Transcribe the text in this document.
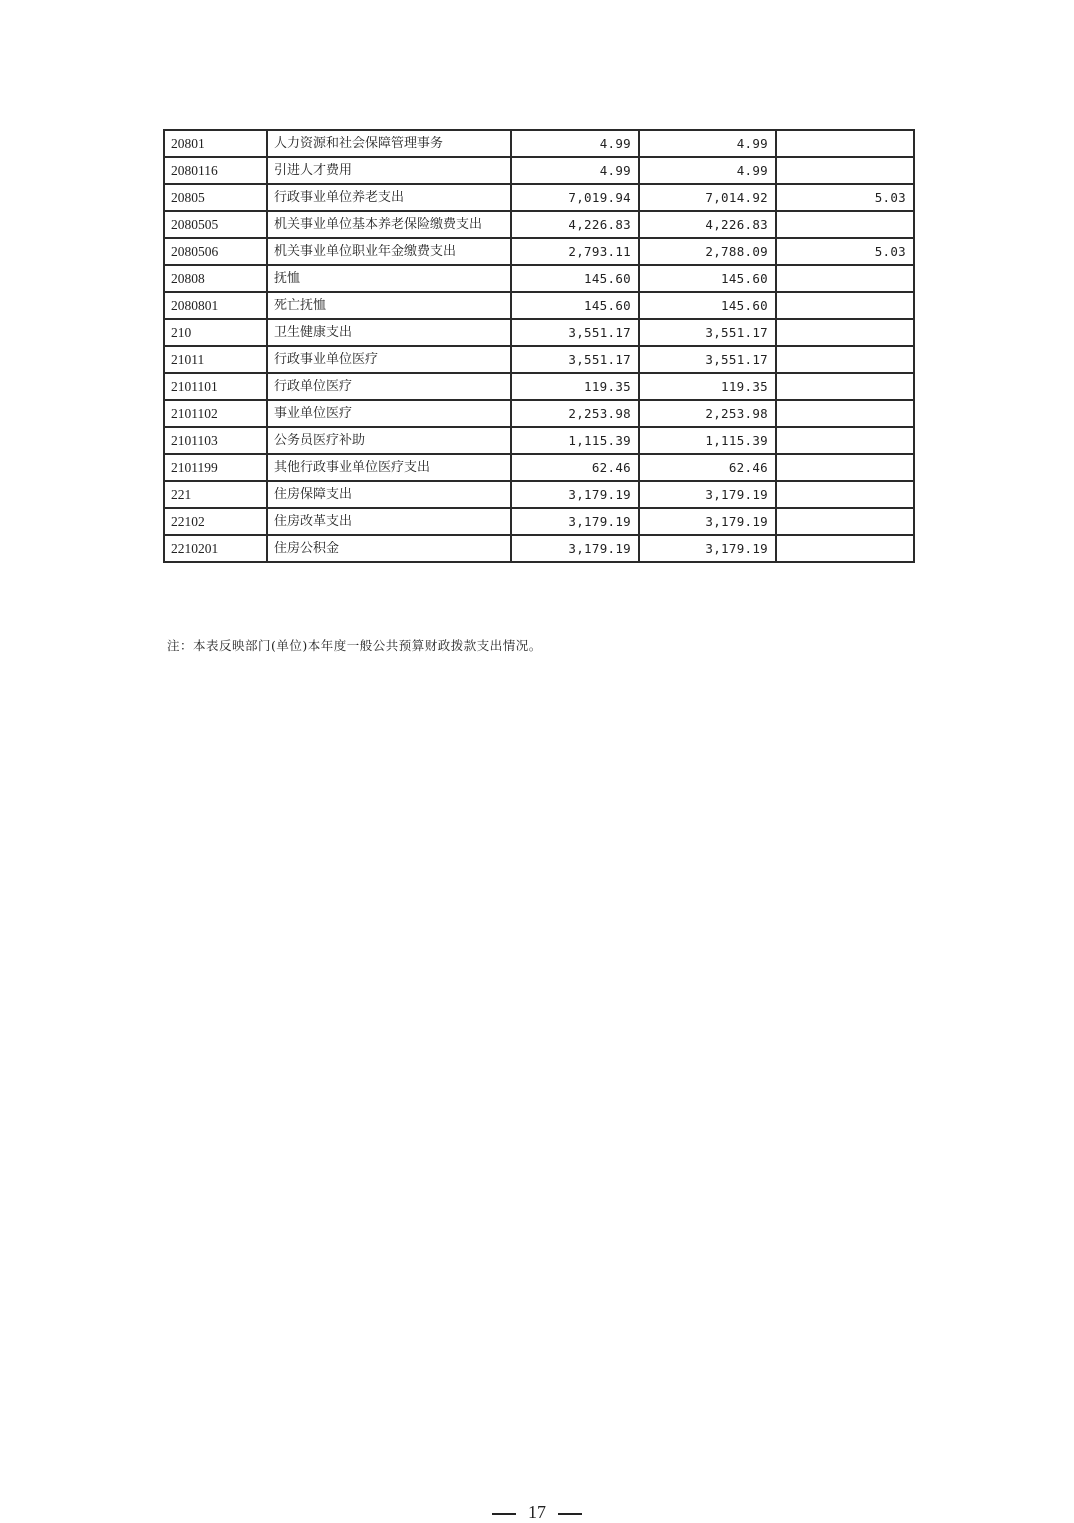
20801	人力资源和社会保障管理事务	4.99	4.99	
2080116	引进人才费用	4.99	4.99	
20805	行政事业单位养老支出	7,019.94	7,014.92	5.03
2080505	机关事业单位基本养老保险缴费支出	4,226.83	4,226.83	
2080506	机关事业单位职业年金缴费支出	2,793.11	2,788.09	5.03
20808	抚恤	145.60	145.60	
2080801	死亡抚恤	145.60	145.60	
210	卫生健康支出	3,551.17	3,551.17	
21011	行政事业单位医疗	3,551.17	3,551.17	
2101101	行政单位医疗	119.35	119.35	
2101102	事业单位医疗	2,253.98	2,253.98	
2101103	公务员医疗补助	1,115.39	1,115.39	
2101199	其他行政事业单位医疗支出	62.46	62.46	
221	住房保障支出	3,179.19	3,179.19	
22102	住房改革支出	3,179.19	3,179.19	
2210201	住房公积金	3,179.19	3,179.19	
注：本表反映部门(单位)本年度一般公共预算财政拨款支出情况。
17
